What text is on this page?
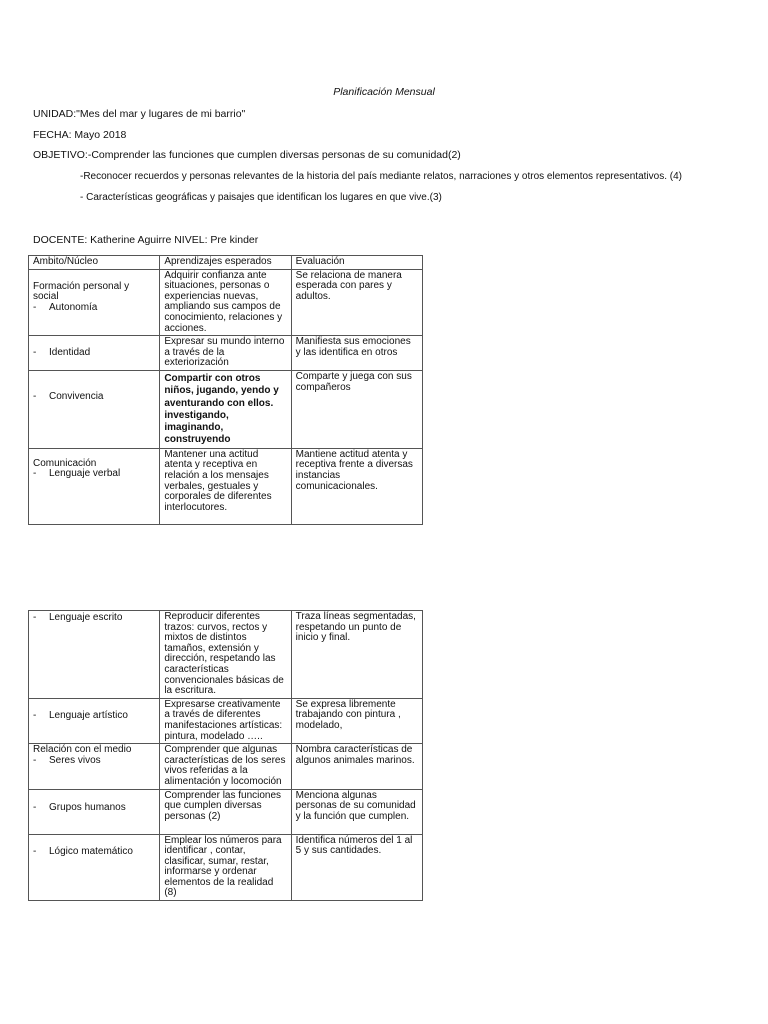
Planificación Mensual
UNIDAD:"Mes del mar y lugares de mi barrio"
FECHA: Mayo 2018
OBJETIVO:-Comprender las funciones que cumplen diversas personas de su comunidad(2)
-Reconocer recuerdos y personas relevantes de la historia del país mediante relatos, narraciones y otros elementos representativos. (4)
- Características geográficas y paisajes que identifican los lugares en que vive.(3)
DOCENTE: Katherine Aguirre NIVEL: Pre kinder
Ámbito/Núcleo	Aprendizajes esperados	Evaluación

Formación personal y social
- Autonomía	Adquirir confianza ante situaciones, personas o experiencias nuevas, ampliando sus campos de conocimiento, relaciones y acciones.	Se relaciona de manera esperada con pares y adultos.

- Identidad	Expresar su mundo interno a través de la exteriorización	Manifiesta sus emociones y las identifica en otros

- Convivencia	Compartir con otros niños, jugando, yendo y aventurando con ellos. investigando, imaginando, construyendo	Comparte y juega con sus compañeros

Comunicación
- Lenguaje verbal	Mantener una actitud atenta y receptiva en relación a los mensajes verbales, gestuales y corporales de diferentes interlocutores.	Mantiene actitud atenta y receptiva frente a diversas instancias comunicacionales.
- Lenguaje escrito	Reproducir diferentes trazos: curvos, rectos y mixtos de distintos tamaños, extensión y dirección, respetando las características convencionales básicas de la escritura.	Traza líneas segmentadas, respetando un punto de inicio y final.

- Lenguaje artístico	Expresarse creativamente a través de diferentes manifestaciones artísticas: pintura, modelado …..	Se expresa libremente trabajando con pintura , modelado,

Relación con el medio
- Seres vivos	Comprender que algunas características de los seres vivos referidas a la alimentación y locomoción	Nombra características de algunos animales marinos.

- Grupos humanos	Comprender las funciones que cumplen diversas personas (2)	Menciona algunas personas de su comunidad y la función que cumplen.

- Lógico matemático	Emplear los números para identificar , contar, clasificar, sumar, restar, informarse y ordenar elementos de la realidad (8)	Identifica números del 1 al 5 y sus cantidades.
